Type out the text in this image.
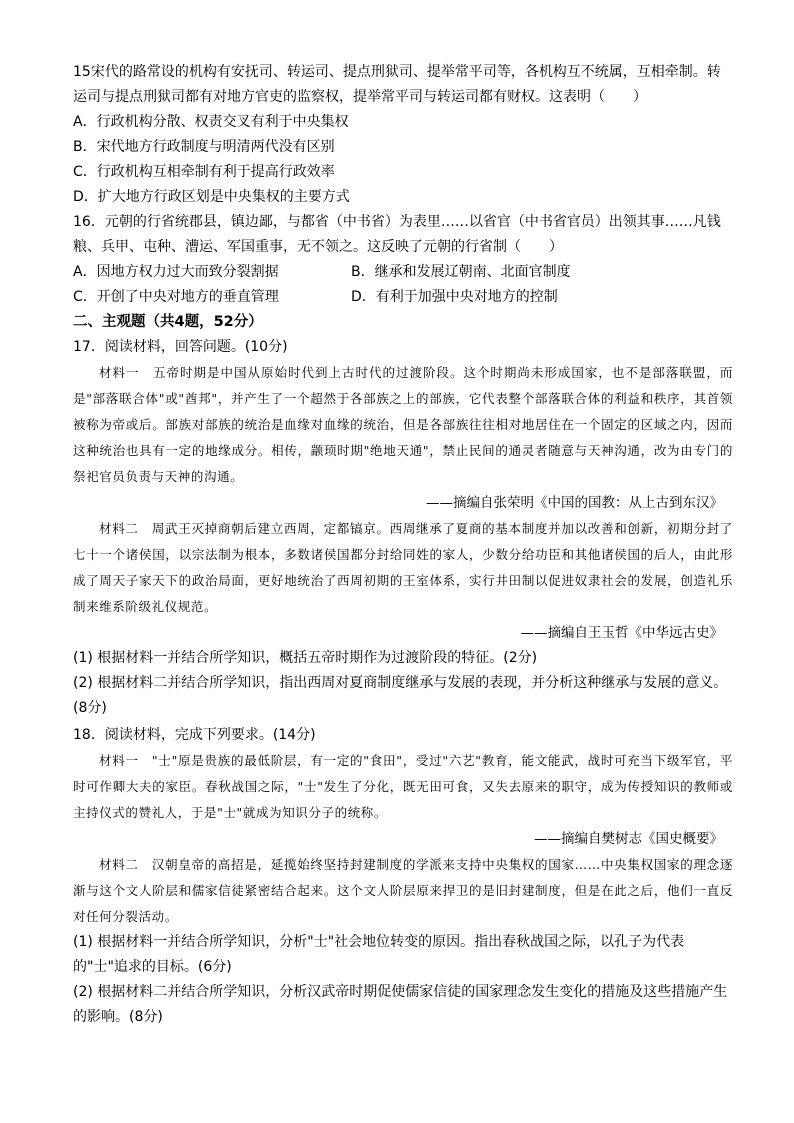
15宋代的路常设的机构有安抚司、转运司、提点刑狱司、提举常平司等，各机构互不统属，互相牵制。转运司与提点刑狱司都有对地方官吏的监察权，提举常平司与转运司都有财权。这表明（　　）

A．行政机构分散、权责交叉有利于中央集权

B．宋代地方行政制度与明清两代没有区别

C．行政机构互相牵制有利于提高行政效率

D．扩大地方行政区划是中央集权的主要方式

16．元朝的行省统郡县，镇边鄙，与都省（中书省）为表里……以省官（中书省官员）出领其事……凡钱粮、兵甲、屯种、漕运、军国重事，无不领之。这反映了元朝的行省制（　　）

A．因地方权力过大而致分裂割据	B．继承和发展辽朝南、北面官制度
C．开创了中央对地方的垂直管理	D．有利于加强中央对地方的控制

二、主观题（共4题，52分）

17．阅读材料，回答问题。(10分)

材料一　五帝时期是中国从原始时代到上古时代的过渡阶段。这个时期尚未形成国家，也不是部落联盟，而是"部落联合体"或"酋邦"，并产生了一个超然于各部族之上的部族，它代表整个部落联合体的利益和秩序，其首领被称为帝或后。部族对部族的统治是血缘对血缘的统治，但是各部族往往相对地居住在一个固定的区域之内，因而这种统治也具有一定的地缘成分。相传，颛顼时期"绝地天通"，禁止民间的通灵者随意与天神沟通，改为由专门的祭祀官员负责与天神的沟通。

——摘编自张荣明《中国的国教：从上古到东汉》

材料二　周武王灭掉商朝后建立西周，定都镐京。西周继承了夏商的基本制度并加以改善和创新，初期分封了七十一个诸侯国，以宗法制为根本，多数诸侯国都分封给同姓的家人，少数分给功臣和其他诸侯国的后人，由此形成了周天子家天下的政治局面，更好地统治了西周初期的王室体系，实行井田制以促进奴隶社会的发展，创造礼乐制来维系阶级礼仪规范。

——摘编自王玉哲《中华远古史》

(1) 根据材料一并结合所学知识，概括五帝时期作为过渡阶段的特征。(2分)

(2) 根据材料二并结合所学知识，指出西周对夏商制度继承与发展的表现，并分析这种继承与发展的意义。(8分)

18．阅读材料，完成下列要求。(14分)

材料一　"士"原是贵族的最低阶层，有一定的"食田"，受过"六艺"教育，能文能武，战时可充当下级军官，平时可作卿大夫的家臣。春秋战国之际，"士"发生了分化，既无田可食，又失去原来的职守，成为传授知识的教师或主持仪式的赞礼人，于是"士"就成为知识分子的统称。

——摘编自樊树志《国史概要》

材料二　汉朝皇帝的高招是，延揽始终坚持封建制度的学派来支持中央集权的国家……中央集权国家的理念逐渐与这个文人阶层和儒家信徒紧密结合起来。这个文人阶层原来捍卫的是旧封建制度，但是在此之后，他们一直反对任何分裂活动。

(1) 根据材料一并结合所学知识，分析"士"社会地位转变的原因。指出春秋战国之际，以孔子为代表的"士"追求的目标。(6分)

(2) 根据材料二并结合所学知识，分析汉武帝时期促使儒家信徒的国家理念发生变化的措施及这些措施产生的影响。(8分)
